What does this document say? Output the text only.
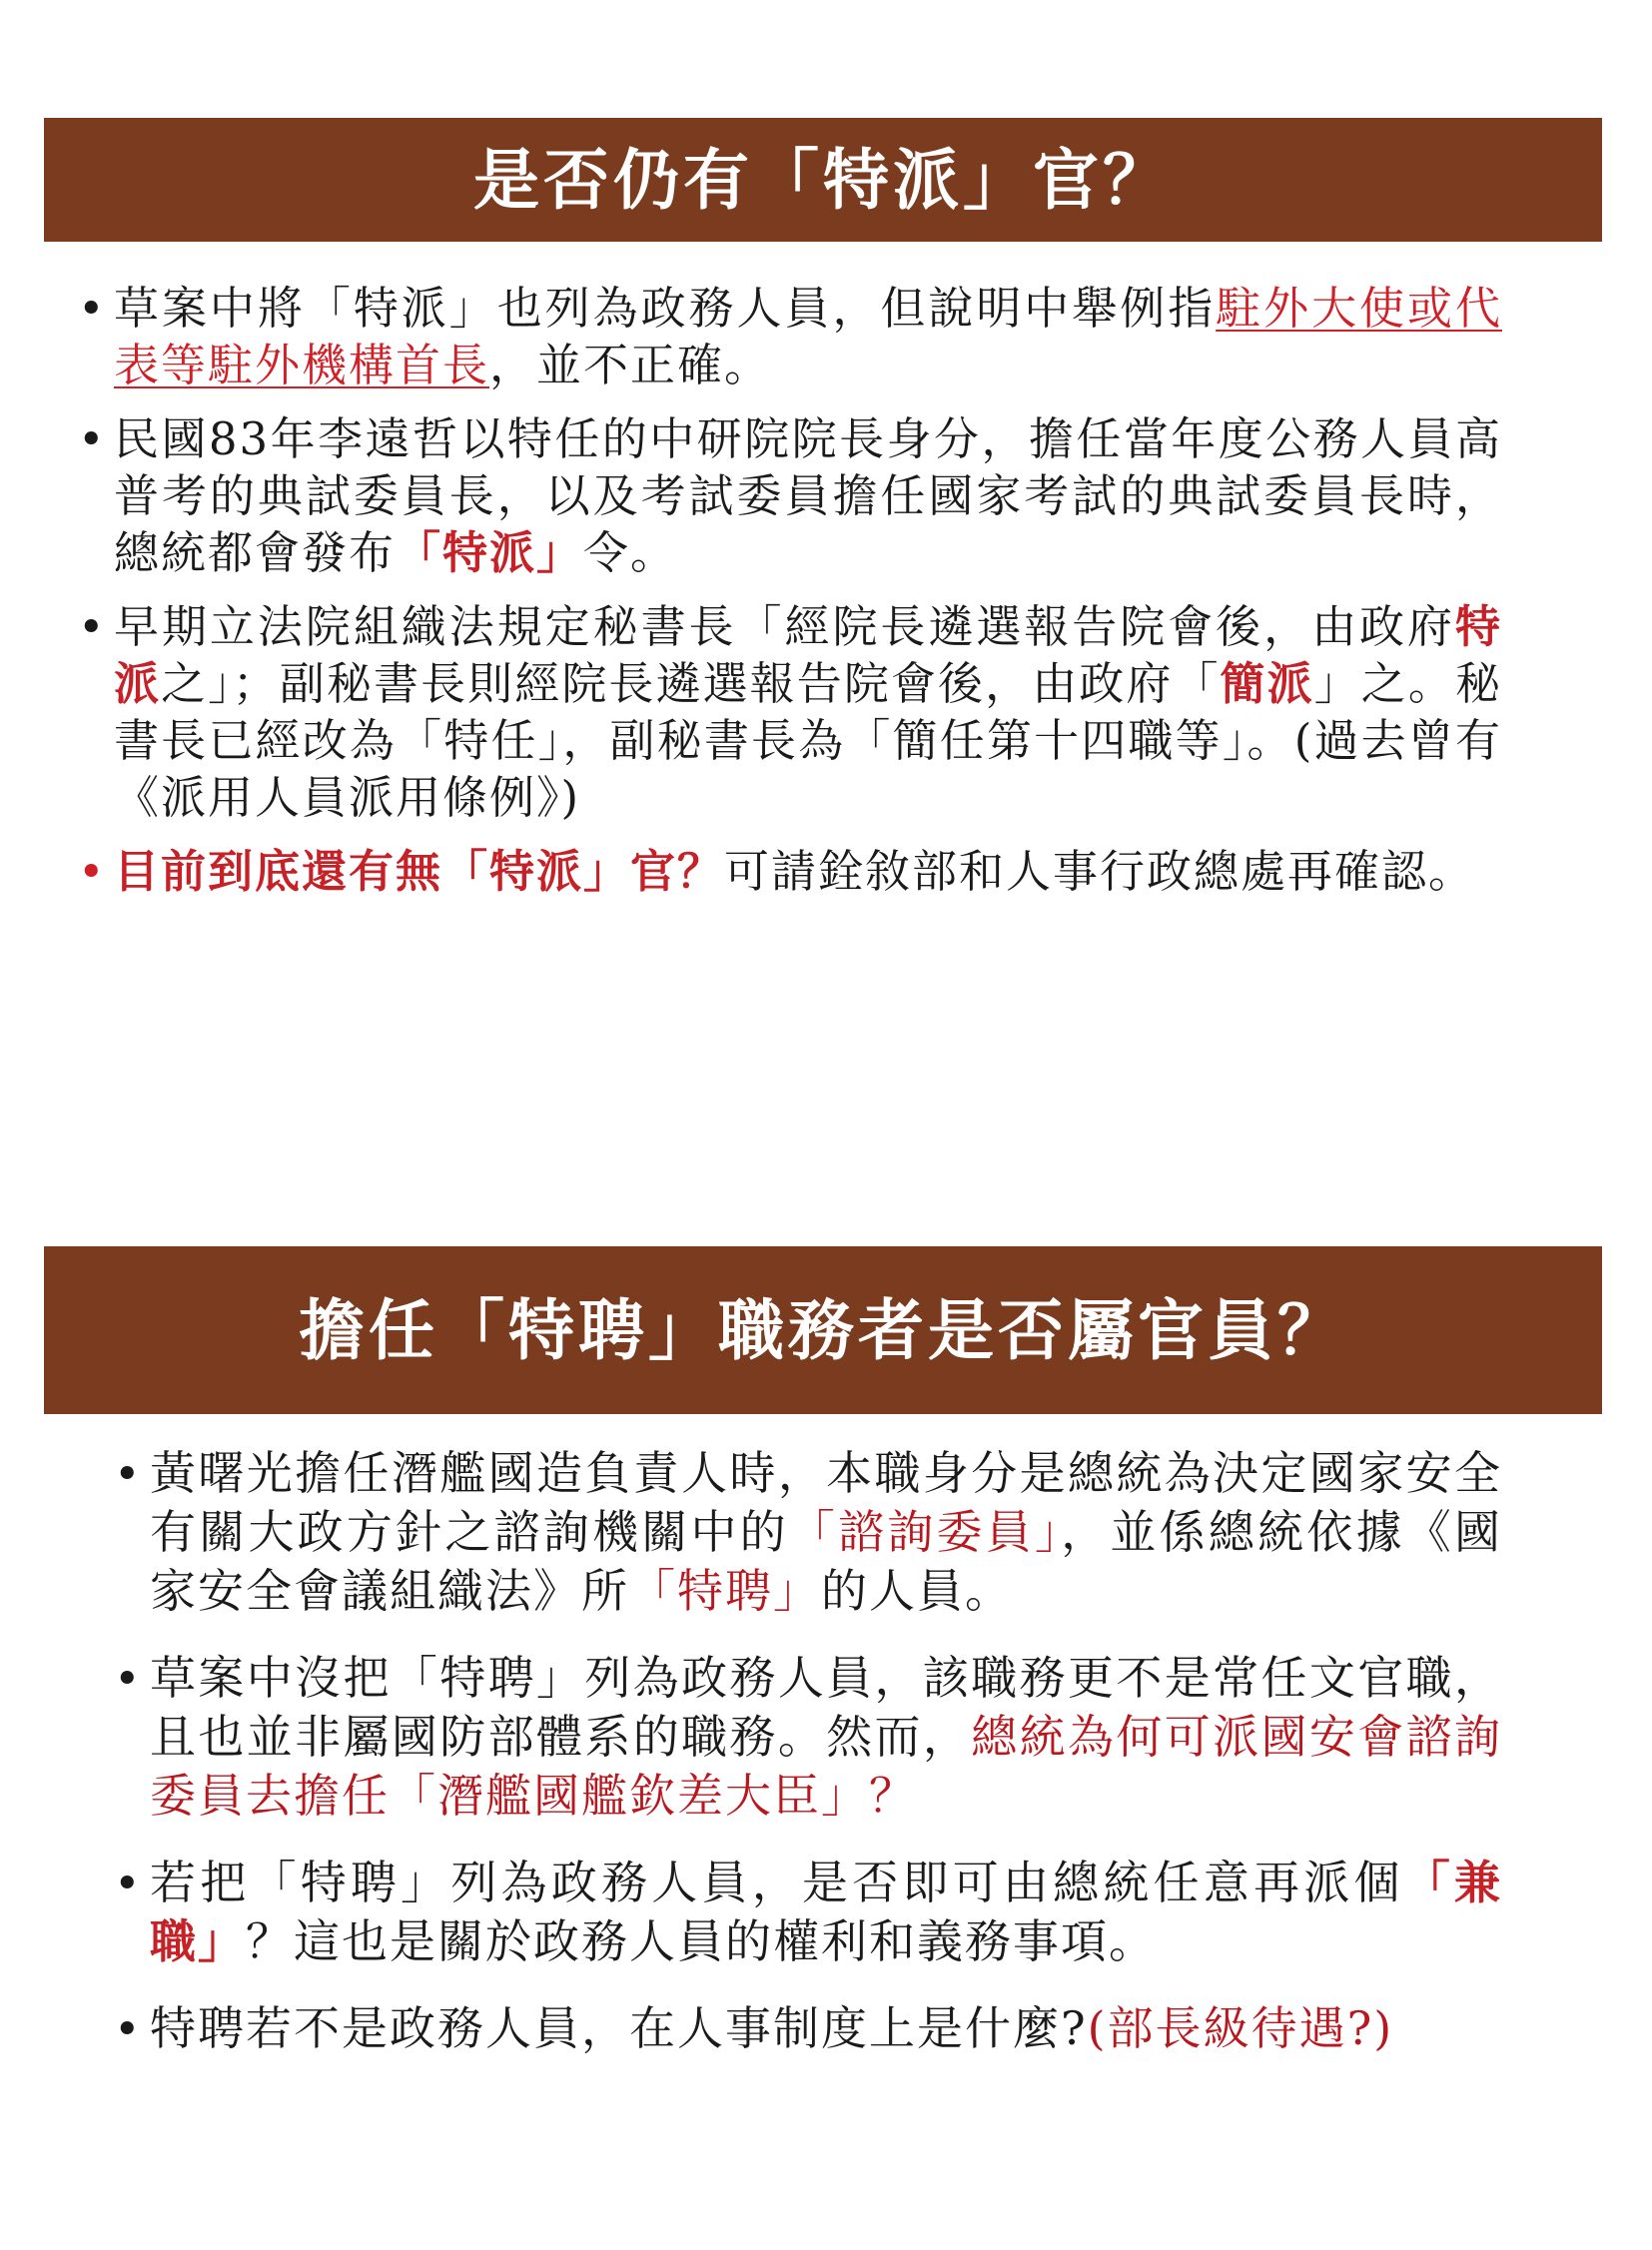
是否仍有「特派」官？
• 草案中將「特派」也列為政務人員，但說明中舉例指駐外大使或代表等駐外機構首長，並不正確。
• 民國83年李遠哲以特任的中研院院長身分，擔任當年度公務人員高普考的典試委員長，以及考試委員擔任國家考試的典試委員長時，總統都會發布「特派」令。
• 早期立法院組織法規定秘書長「經院長遴選報告院會後，由政府特派之」；副秘書長則經院長遴選報告院會後，由政府「簡派」之。秘書長已經改為「特任」，副秘書長為「簡任第十四職等」。(過去曾有《派用人員派用條例》)
• 目前到底還有無「特派」官？可請銓敘部和人事行政總處再確認。
擔任「特聘」職務者是否屬官員？
• 黃曙光擔任潛艦國造負責人時，本職身分是總統為決定國家安全有關大政方針之諮詢機關中的「諮詢委員」，並係總統依據《國家安全會議組織法》所「特聘」的人員。
• 草案中沒把「特聘」列為政務人員，該職務更不是常任文官職，且也並非屬國防部體系的職務。然而，總統為何可派國安會諮詢委員去擔任「潛艦國艦欽差大臣」？
• 若把「特聘」列為政務人員，是否即可由總統任意再派個「兼職」？這也是關於政務人員的權利和義務事項。
• 特聘若不是政務人員，在人事制度上是什麼?(部長級待遇?)
